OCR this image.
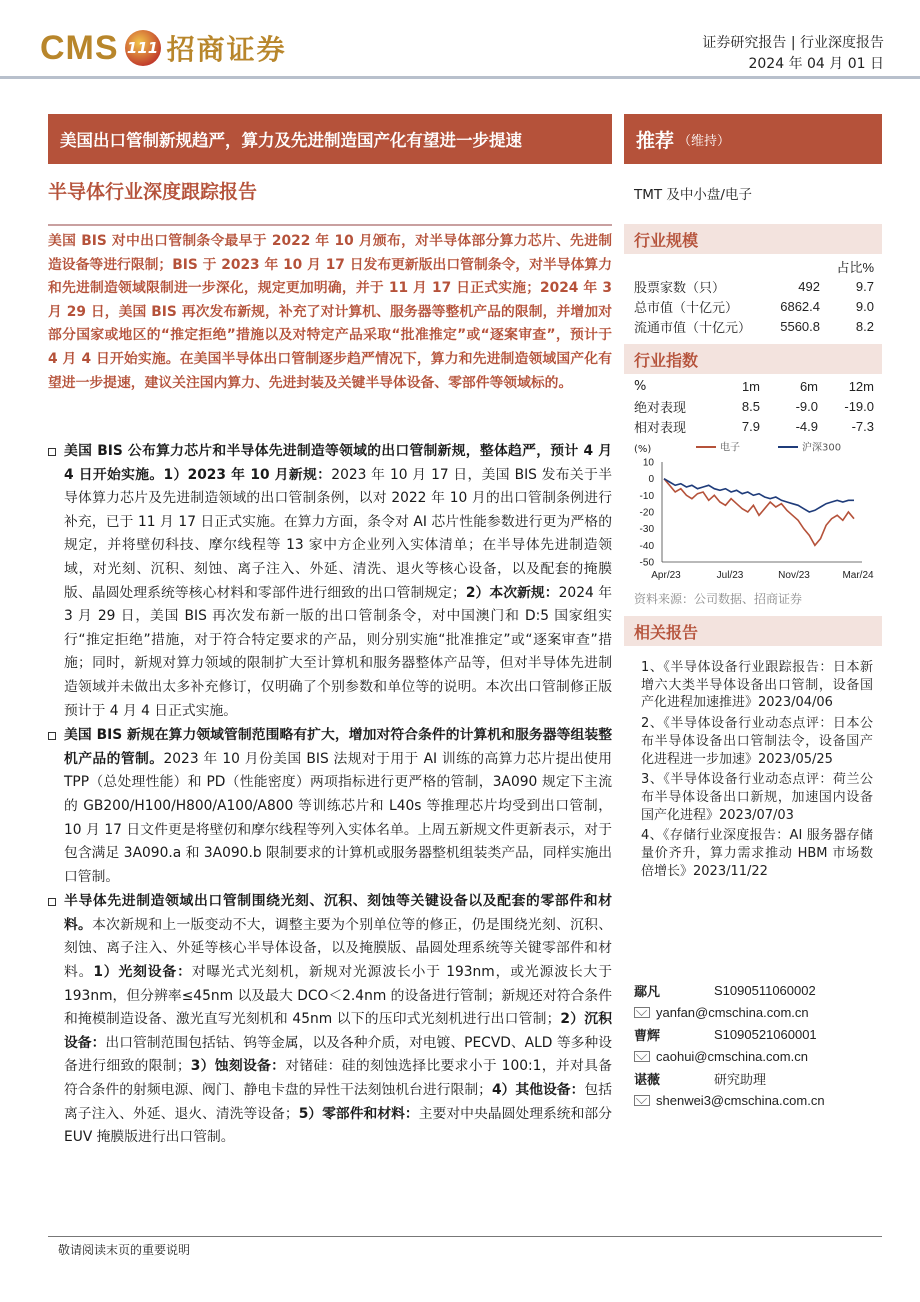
CMS 111 招商证券	证券研究报告 | 行业深度报告
2024 年 04 月 01 日
美国出口管制新规趋严，算力及先进制造国产化有望进一步提速	推荐 （维持）
半导体行业深度跟踪报告	TMT 及中小盘/电子
美国 BIS 对中出口管制条令最早于 2022 年 10 月颁布，对半导体部分算力芯片、先进制造设备等进行限制；BIS 于 2023 年 10 月 17 日发布更新版出口管制条令，对半导体算力和先进制造领域限制进一步深化，规定更加明确，并于 11 月 17 日正式实施；2024 年 3 月 29 日，美国 BIS 再次发布新规，补充了对计算机、服务器等整机产品的限制，并增加对部分国家或地区的“推定拒绝”措施以及对特定产品采取“批准推定”或“逐案审查”，预计于 4 月 4 日开始实施。在美国半导体出口管制逐步趋严情况下，算力和先进制造领域国产化有望进一步提速，建议关注国内算力、先进封装及关键半导体设备、零部件等领域标的。
美国 BIS 公布算力芯片和半导体先进制造等领域的出口管制新规，整体趋严，预计 4 月 4 日开始实施。1）2023 年 10 月新规：2023 年 10 月 17 日，美国 BIS 发布关于半导体算力芯片及先进制造领域的出口管制条例，以对 2022 年 10 月的出口管制条例进行补充，已于 11 月 17 日正式实施。在算力方面，条令对 AI 芯片性能参数进行更为严格的规定，并将壁仞科技、摩尔线程等 13 家中方企业列入实体清单；在半导体先进制造领域，对光刻、沉积、刻蚀、离子注入、外延、清洗、退火等核心设备，以及配套的掩膜版、晶圆处理系统等核心材料和零部件进行细致的出口管制规定；2）本次新规：2024 年 3 月 29 日，美国 BIS 再次发布新一版的出口管制条令，对中国澳门和 D:5 国家组实行“推定拒绝”措施，对于符合特定要求的产品，则分别实施“批准推定”或“逐案审查”措施；同时，新规对算力领域的限制扩大至计算机和服务器整体产品等，但对半导体先进制造领域并未做出太多补充修订，仅明确了个别参数和单位等的说明。本次出口管制修正版预计于 4 月 4 日正式实施。
美国 BIS 新规在算力领域管制范围略有扩大，增加对符合条件的计算机和服务器等组装整机产品的管制。2023 年 10 月份美国 BIS 法规对于用于 AI 训练的高算力芯片提出使用 TPP（总处理性能）和 PD（性能密度）两项指标进行更严格的管制，3A090 规定下主流的 GB200/H100/H800/A100/A800 等训练芯片和 L40s 等推理芯片均受到出口管制，10 月 17 日文件更是将壁仞和摩尔线程等列入实体名单。上周五新规文件更新表示，对于包含满足 3A090.a 和 3A090.b 限制要求的计算机或服务器整机组装类产品，同样实施出口管制。
半导体先进制造领域出口管制围绕光刻、沉积、刻蚀等关键设备以及配套的零部件和材料。本次新规和上一版变动不大，调整主要为个别单位等的修正，仍是围绕光刻、沉积、刻蚀、离子注入、外延等核心半导体设备，以及掩膜版、晶圆处理系统等关键零部件和材料。1）光刻设备：对曝光式光刻机，新规对光源波长小于 193nm，或光源波长大于 193nm，但分辨率≤45nm 以及最大 DCO＜2.4nm 的设备进行管制；新规还对符合条件和掩模制造设备、激光直写光刻机和 45nm 以下的压印式光刻机进行出口管制；2）沉积设备：出口管制范围包括钴、钨等金属，以及各种介质，对电镀、PECVD、ALD 等多种设备进行细致的限制；3）蚀刻设备：对锗硅：硅的刻蚀选择比要求小于 100:1，并对具备符合条件的射频电源、阀门、静电卡盘的异性干法刻蚀机台进行限制；4）其他设备：包括离子注入、外延、退火、清洗等设备；5）零部件和材料：主要对中央晶圆处理系统和部分 EUV 掩膜版进行出口管制。
行业规模
		占比%
股票家数（只）	492	9.7
总市值（十亿元）	6862.4	9.0
流通市值（十亿元）	5560.8	8.2
行业指数
%	1m	6m	12m
绝对表现	8.5	-9.0	-19.0
相对表现	7.9	-4.9	-7.3
(%)
10
0
-10
-20
-30
-40
-50
Apr/23	Jul/23	Nov/23	Mar/24
电子	沪深300
资料来源：公司数据、招商证券
相关报告
1、《半导体设备行业跟踪报告：日本新增六大类半导体设备出口管制，设备国产化进程加速推进》2023/04/06
2、《半导体设备行业动态点评：日本公布半导体设备出口管制法令，设备国产化进程进一步加速》2023/05/25
3、《半导体设备行业动态点评：荷兰公布半导体设备出口新规，加速国内设备国产化进程》2023/07/03
4、《存储行业深度报告：AI 服务器存储量价齐升，算力需求推动 HBM 市场数倍增长》2023/11/22
鄢凡	S1090511060002
yanfan@cmschina.com.cn
曹辉	S1090521060001
caohui@cmschina.com.cn
谌薇	研究助理
shenwei3@cmschina.com.cn
敬请阅读末页的重要说明
